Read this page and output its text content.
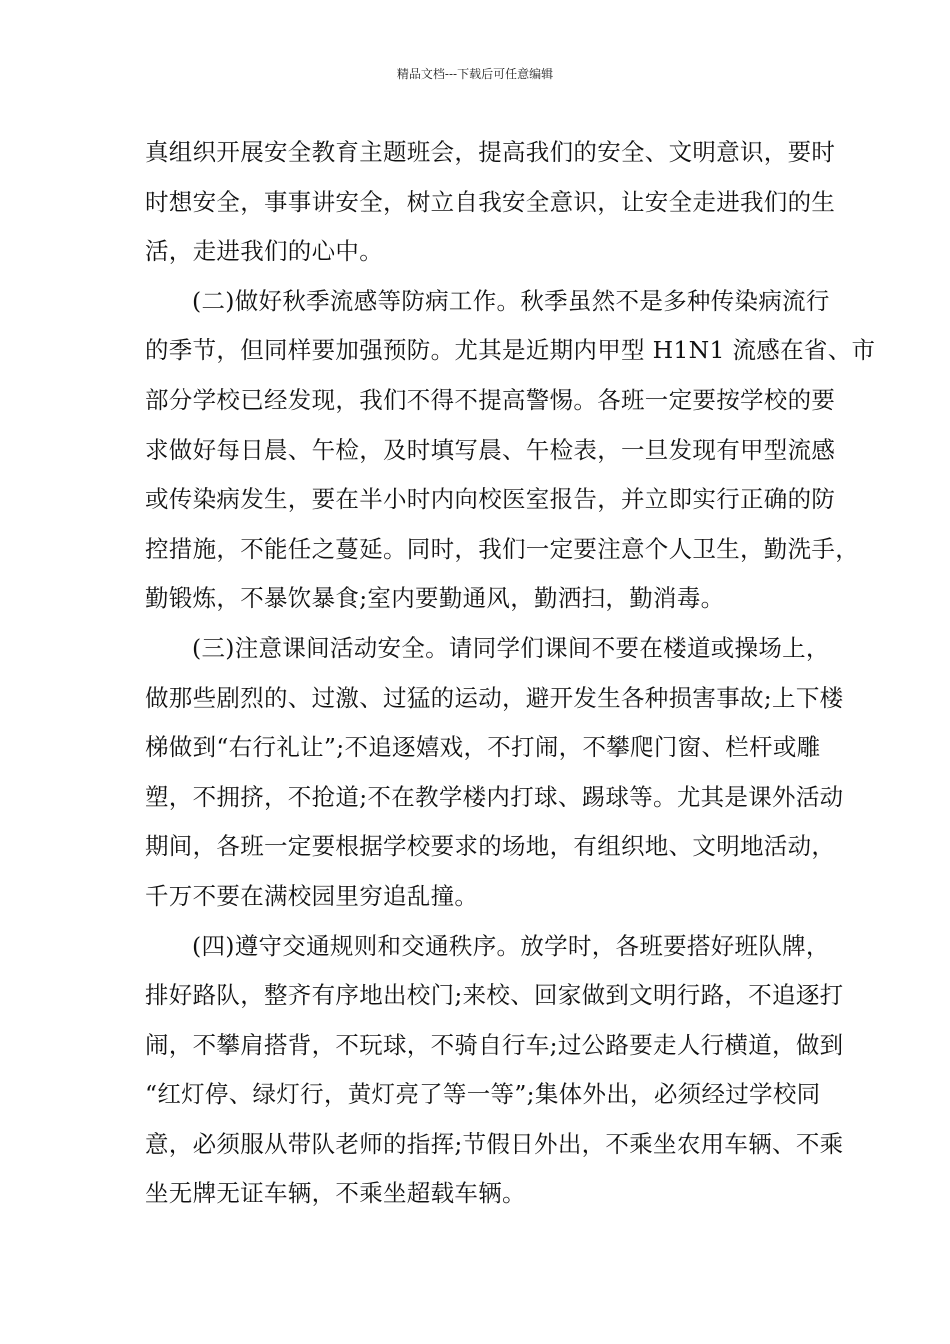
精品文档---下载后可任意编辑
真组织开展安全教育主题班会，提高我们的安全、文明意识，要时
时想安全，事事讲安全，树立自我安全意识，让安全走进我们的生
活，走进我们的心中。
(二)做好秋季流感等防病工作。秋季虽然不是多种传染病流行
的季节，但同样要加强预防。尤其是近期内甲型 H1N1 流感在省、市
部分学校已经发现，我们不得不提高警惕。各班一定要按学校的要
求做好每日晨、午检，及时填写晨、午检表，一旦发现有甲型流感
或传染病发生，要在半小时内向校医室报告，并立即实行正确的防
控措施，不能任之蔓延。同时，我们一定要注意个人卫生，勤洗手，
勤锻炼，不暴饮暴食;室内要勤通风，勤洒扫，勤消毒。
(三)注意课间活动安全。请同学们课间不要在楼道或操场上，
做那些剧烈的、过激、过猛的运动，避开发生各种损害事故;上下楼
梯做到“右行礼让”;不追逐嬉戏，不打闹，不攀爬门窗、栏杆或雕
塑，不拥挤，不抢道;不在教学楼内打球、踢球等。尤其是课外活动
期间，各班一定要根据学校要求的场地，有组织地、文明地活动，
千万不要在满校园里穷追乱撞。
(四)遵守交通规则和交通秩序。放学时，各班要搭好班队牌，
排好路队，整齐有序地出校门;来校、回家做到文明行路，不追逐打
闹，不攀肩搭背，不玩球，不骑自行车;过公路要走人行横道，做到
“红灯停、绿灯行，黄灯亮了等一等”;集体外出，必须经过学校同
意，必须服从带队老师的指挥;节假日外出，不乘坐农用车辆、不乘
坐无牌无证车辆，不乘坐超载车辆。
